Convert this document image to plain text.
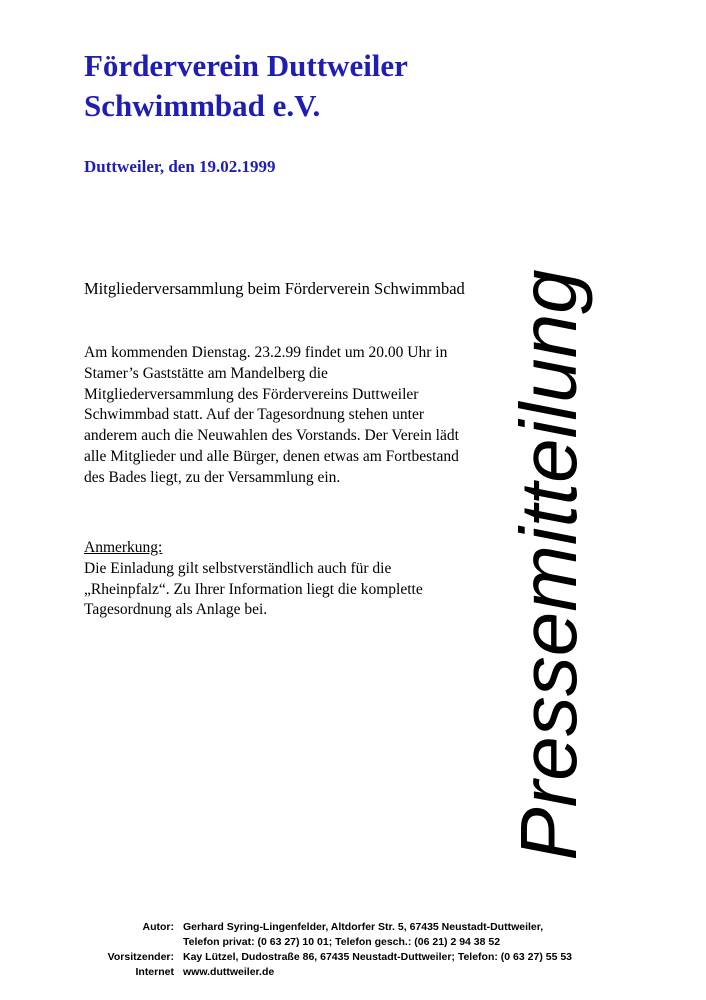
Förderverein Duttweiler
Schwimmbad e.V.

Duttweiler, den 19.02.1999

Mitgliederversammlung beim Förderverein Schwimmbad

Am kommenden Dienstag. 23.2.99 findet um 20.00 Uhr in Stamer’s Gaststätte am Mandelberg die Mitgliederversammlung des Fördervereins Duttweiler Schwimmbad statt. Auf der Tagesordnung stehen unter anderem auch die Neuwahlen des Vorstands. Der Verein lädt alle Mitglieder und alle Bürger, denen etwas am Fortbestand des Bades liegt, zu der Versammlung ein.

Anmerkung:
Die Einladung gilt selbstverständlich auch für die „Rheinpfalz“. Zu Ihrer Information liegt die komplette Tagesordnung als Anlage bei.	Pressemitteilung
Autor: Gerhard Syring-Lingenfelder, Altdorfer Str. 5, 67435 Neustadt-Duttweiler,
Telefon privat: (0 63 27) 10 01; Telefon gesch.: (06 21) 2 94 38 52
Vorsitzender: Kay Lützel, Dudostraße 86, 67435 Neustadt-Duttweiler; Telefon: (0 63 27) 55 53
Internet www.duttweiler.de
